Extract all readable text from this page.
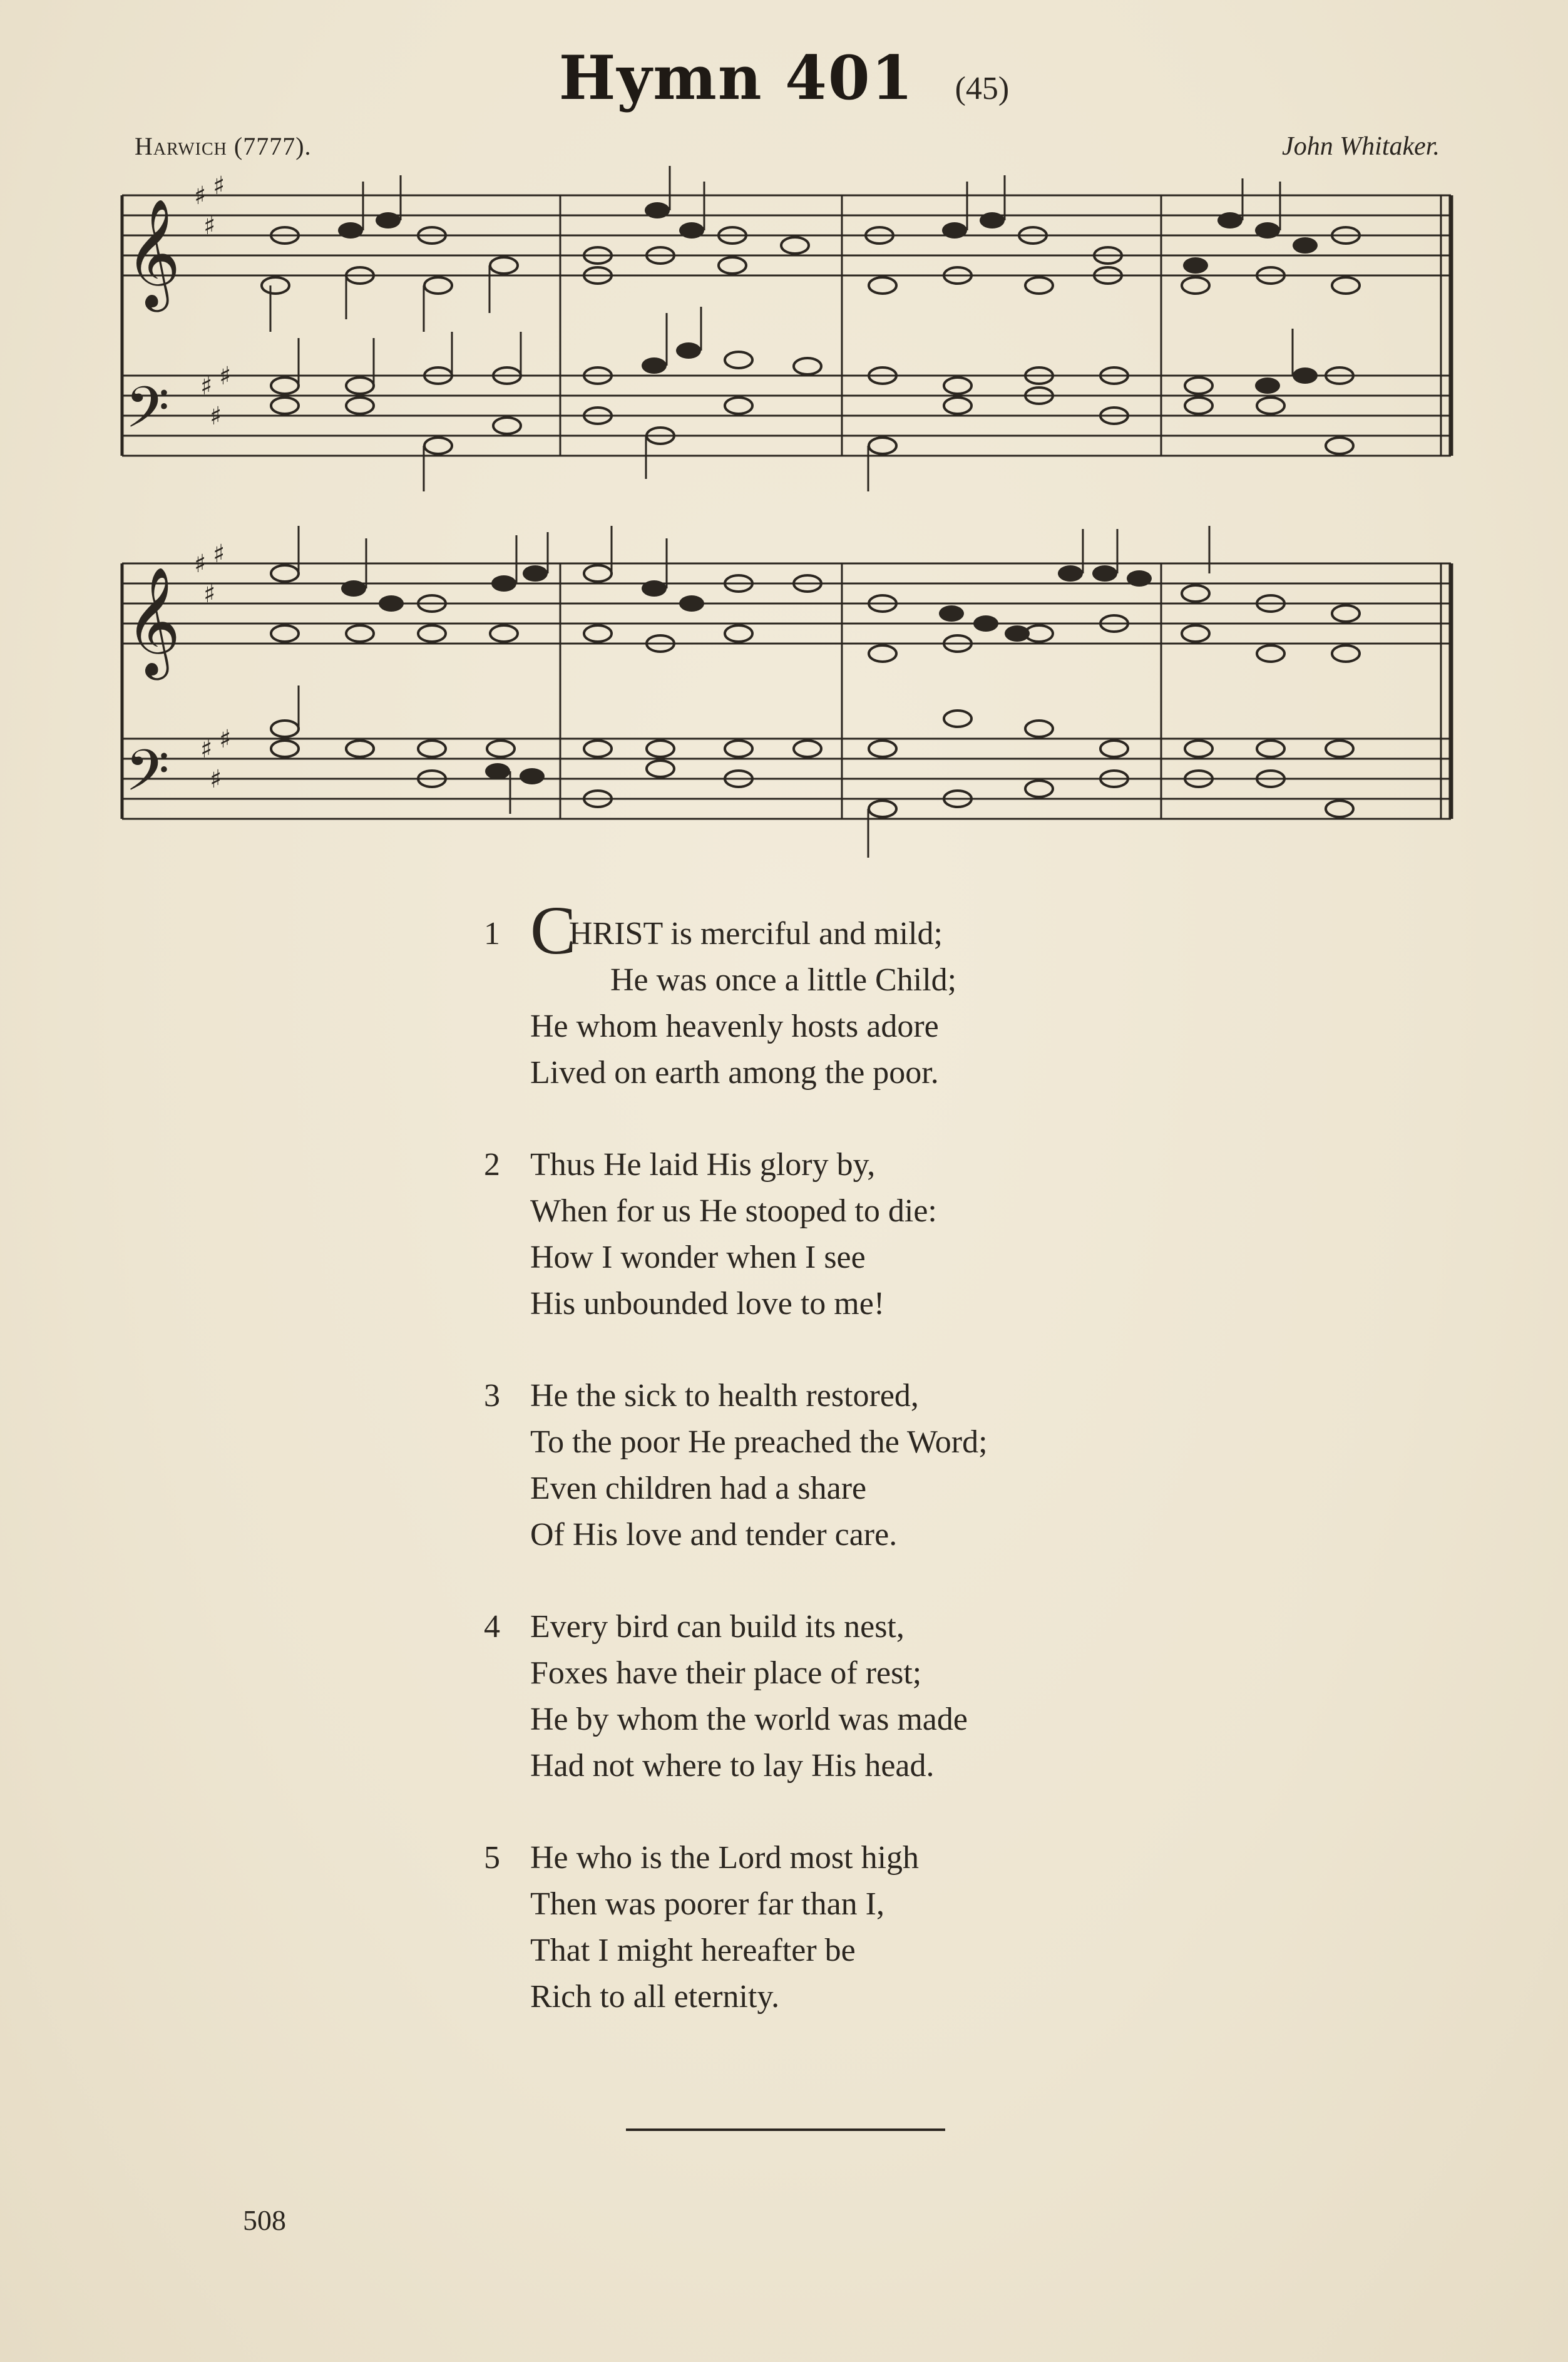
Hymn 401 (45)
Harwich (7777).	John Whitaker.
𝄞
𝄢
𝄞
𝄢
♯ ♯
♯
♯ ♯
♯
♯ ♯
♯
♯ ♯
♯
1 CHRIST is merciful and mild;
He was once a little Child;
He whom heavenly hosts adore
Lived on earth among the poor.
2 Thus He laid His glory by,
When for us He stooped to die:
How I wonder when I see
His unbounded love to me!
3 He the sick to health restored,
To the poor He preached the Word;
Even children had a share
Of His love and tender care.
4 Every bird can build its nest,
Foxes have their place of rest;
He by whom the world was made
Had not where to lay His head.
5 He who is the Lord most high
Then was poorer far than I,
That I might hereafter be
Rich to all eternity.
508
